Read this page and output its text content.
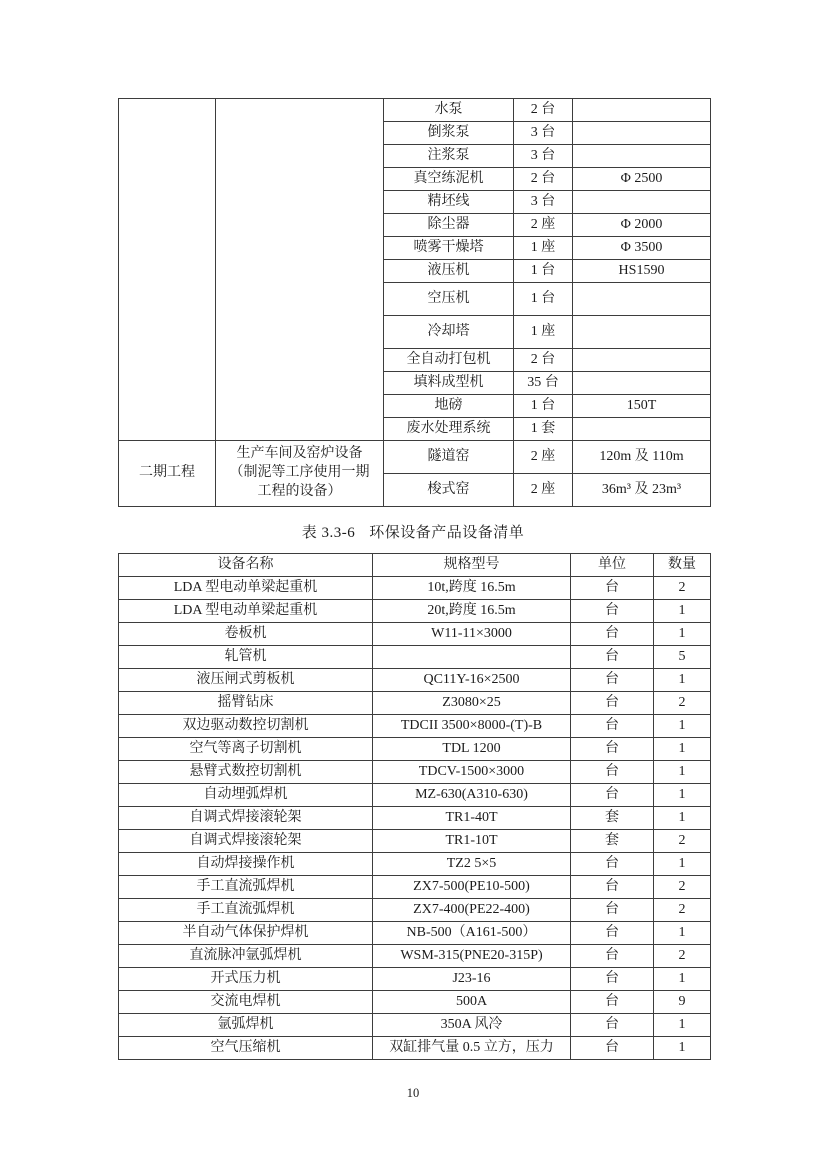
		水泵	2 台	
		倒浆泵	3 台	
		注浆泵	3 台	
		真空练泥机	2 台	Φ 2500
		精坯线	3 台	
		除尘器	2 座	Φ 2000
		喷雾干燥塔	1 座	Φ 3500
		液压机	1 台	HS1590
		空压机	1 台	
		冷却塔	1 座	
		全自动打包机	2 台	
		填料成型机	35 台	
		地磅	1 台	150T
		废水处理系统	1 套	
二期工程	生产车间及窑炉设备（制泥等工序使用一期工程的设备）	隧道窑	2 座	120m 及 110m
		梭式窑	2 座	36m³ 及 23m³
表 3.3-6 环保设备产品设备清单
设备名称	规格型号	单位	数量
LDA 型电动单梁起重机	10t,跨度 16.5m	台	2
LDA 型电动单梁起重机	20t,跨度 16.5m	台	1
卷板机	W11-11×3000	台	1
轧管机		台	5
液压闸式剪板机	QC11Y-16×2500	台	1
摇臂钻床	Z3080×25	台	2
双边驱动数控切割机	TDCII 3500×8000-(T)-B	台	1
空气等离子切割机	TDL 1200	台	1
悬臂式数控切割机	TDCV-1500×3000	台	1
自动埋弧焊机	MZ-630(A310-630)	台	1
自调式焊接滚轮架	TR1-40T	套	1
自调式焊接滚轮架	TR1-10T	套	2
自动焊接操作机	TZ2 5×5	台	1
手工直流弧焊机	ZX7-500(PE10-500)	台	2
手工直流弧焊机	ZX7-400(PE22-400)	台	2
半自动气体保护焊机	NB-500（A161-500）	台	1
直流脉冲氩弧焊机	WSM-315(PNE20-315P)	台	2
开式压力机	J23-16	台	1
交流电焊机	500A	台	9
氩弧焊机	350A 风冷	台	1
空气压缩机	双缸排气量 0.5 立方，压力	台	1
10
